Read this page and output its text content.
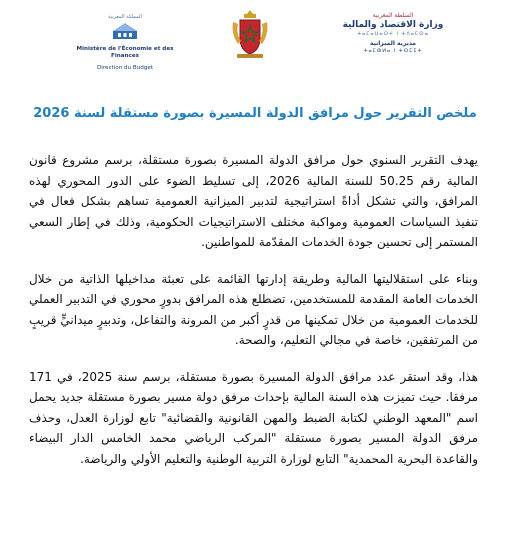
المملكة المغربية
Ministère de l'Économie et des Finances
Direction du Budget
السلطة المغربية
وزارة الاقتصاد والمالية
ⵜⴰⵎⴰⵡⴰⵙⵜ ⵏ ⵜⴷⴰⵎⵙⴰ
مديرية الميزانية
ⵜⴰⵎⵀⵍⴰ ⵏ ⵜⵙⵎⵉⵜ
ملخص التقرير حول مرافق الدولة المسيرة بصورة مستقلة لسنة 2026

يهدف التقرير السنوي حول مرافق الدولة المسيرة بصورة مستقلة، برسم مشروع قانون المالية رقم 50.25 للسنة المالية 2026، إلى تسليط الضوء على الدور المحوري لهذه المرافق، والتي تشكل أداةً استراتيجية لتدبير الميزانية العمومية تساهم بشكل فعال في تنفيذ السياسات العمومية ومواكبة مختلف الاستراتيجيات الحكومية، وذلك في إطار السعي المستمر إلى تحسين جودة الخدمات المقدّمة للمواطنين.

وبناء على استقلاليتها المالية وطريقة إدارتها القائمة على تعبئة مداخيلها الذاتية من خلال الخدمات العامة المقدمة للمستخدمين، تضطلع هذه المرافق بدورٍ محوري في التدبير العملي للخدمات العمومية من خلال تمكينها من قدرٍ أكبر من المرونة والتفاعل، وتدبيرٍ ميدانيٍّ قريبٍ من المرتفقين، خاصة في مجالي التعليم، والصحة.

هذا، وقد استقر عدد مرافق الدولة المسيرة بصورة مستقلة، برسم سنة 2025، في 171 مرفقا. حيث تميزت هذه السنة المالية بإحداث مرفق دولة مسير بصورة مستقلة جديد يحمل اسم "المعهد الوطني لكتابة الضبط والمهن القانونية والقضائية" تابع لوزارة العدل، وحذف مرفق الدولة المسير بصورة مستقلة "المركب الرياضي محمد الخامس الدار البيضاء والقاعدة البحرية المحمدية" التابع لوزارة التربية الوطنية والتعليم الأولي والرياضة.
